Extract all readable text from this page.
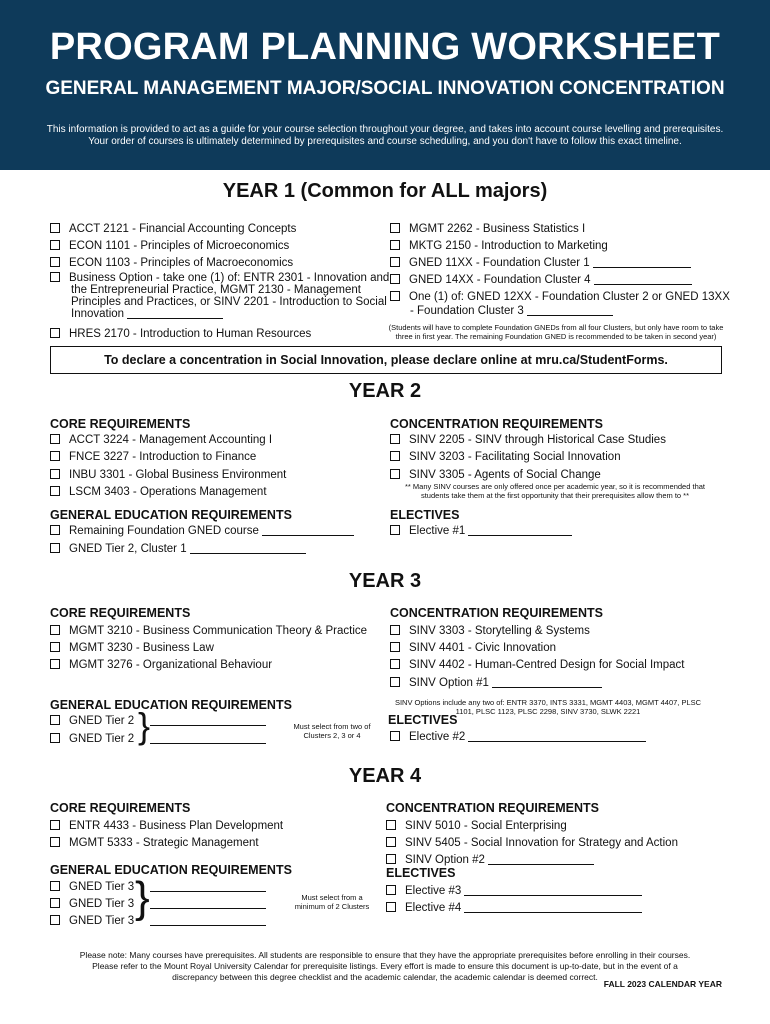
PROGRAM PLANNING WORKSHEET
GENERAL MANAGEMENT MAJOR/SOCIAL INNOVATION CONCENTRATION
This information is provided to act as a guide for your course selection throughout your degree, and takes into account course levelling and prerequisites.
Your order of courses is ultimately determined by prerequisites and course scheduling, and you don't have to follow this exact timeline.
YEAR 1 (Common for ALL majors)
ACCT 2121 - Financial Accounting Concepts
ECON 1101 - Principles of Microeconomics
ECON 1103 - Principles of Macroeconomics
Business Option - take one (1) of: ENTR 2301 - Innovation and the Entrepreneurial Practice, MGMT 2130 - Management Principles and Practices, or SINV 2201 - Introduction to Social Innovation
HRES 2170 - Introduction to Human Resources
MGMT 2262 - Business Statistics I
MKTG 2150 - Introduction to Marketing
GNED 11XX - Foundation Cluster 1
GNED 14XX - Foundation Cluster 4
One (1) of: GNED 12XX - Foundation Cluster 2 or GNED 13XX
- Foundation Cluster 3
(Students will have to complete Foundation GNEDs from all four Clusters, but only have room to take three in first year. The remaining Foundation GNED is recommended to be taken in second year)
To declare a concentration in Social Innovation, please declare online at mru.ca/StudentForms.
YEAR 2
CORE REQUIREMENTS
ACCT 3224 - Management Accounting I
FNCE 3227 - Introduction to Finance
INBU 3301 - Global Business Environment
LSCM 3403 - Operations Management
CONCENTRATION REQUIREMENTS
SINV 2205 - SINV through Historical Case Studies
SINV 3203 - Facilitating Social Innovation
SINV 3305 - Agents of Social Change
** Many SINV courses are only offered once per academic year, so it is recommended that students take them at the first opportunity that their prerequisites allow them to **
GENERAL EDUCATION REQUIREMENTS
Remaining Foundation GNED course
GNED Tier 2, Cluster 1
ELECTIVES
Elective #1
YEAR 3
CORE REQUIREMENTS
MGMT 3210 - Business Communication Theory & Practice
MGMT 3230 - Business Law
MGMT 3276 - Organizational Behaviour
CONCENTRATION REQUIREMENTS
SINV 3303 - Storytelling & Systems
SINV 4401 - Civic Innovation
SINV 4402 - Human-Centred Design for Social Impact
SINV Option #1
SINV Options include any two of: ENTR 3370, INTS 3331, MGMT 4403, MGMT 4407, PLSC 1101, PLSC 1123, PLSC 2298, SINV 3730, SLWK 2221
GENERAL EDUCATION REQUIREMENTS
GNED Tier 2
GNED Tier 2 }	Must select from two of Clusters 2, 3 or 4
ELECTIVES
Elective #2
YEAR 4
CORE REQUIREMENTS
ENTR 4433 - Business Plan Development
MGMT 5333 - Strategic Management
CONCENTRATION REQUIREMENTS
SINV 5010 - Social Enterprising
SINV 5405 - Social Innovation for Strategy and Action
SINV Option #2
GENERAL EDUCATION REQUIREMENTS
GNED Tier 3
GNED Tier 3
GNED Tier 3 }	Must select from a minimum of 2 Clusters
ELECTIVES
Elective #3
Elective #4
Please note: Many courses have prerequisites. All students are responsible to ensure that they have the appropriate prerequisites before enrolling in their courses.
Please refer to the Mount Royal University Calendar for prerequisite listings. Every effort is made to ensure this document is up-to-date, but in the event of a
discrepancy between this degree checklist and the academic calendar, the academic calendar is deemed correct.
FALL 2023 CALENDAR YEAR
